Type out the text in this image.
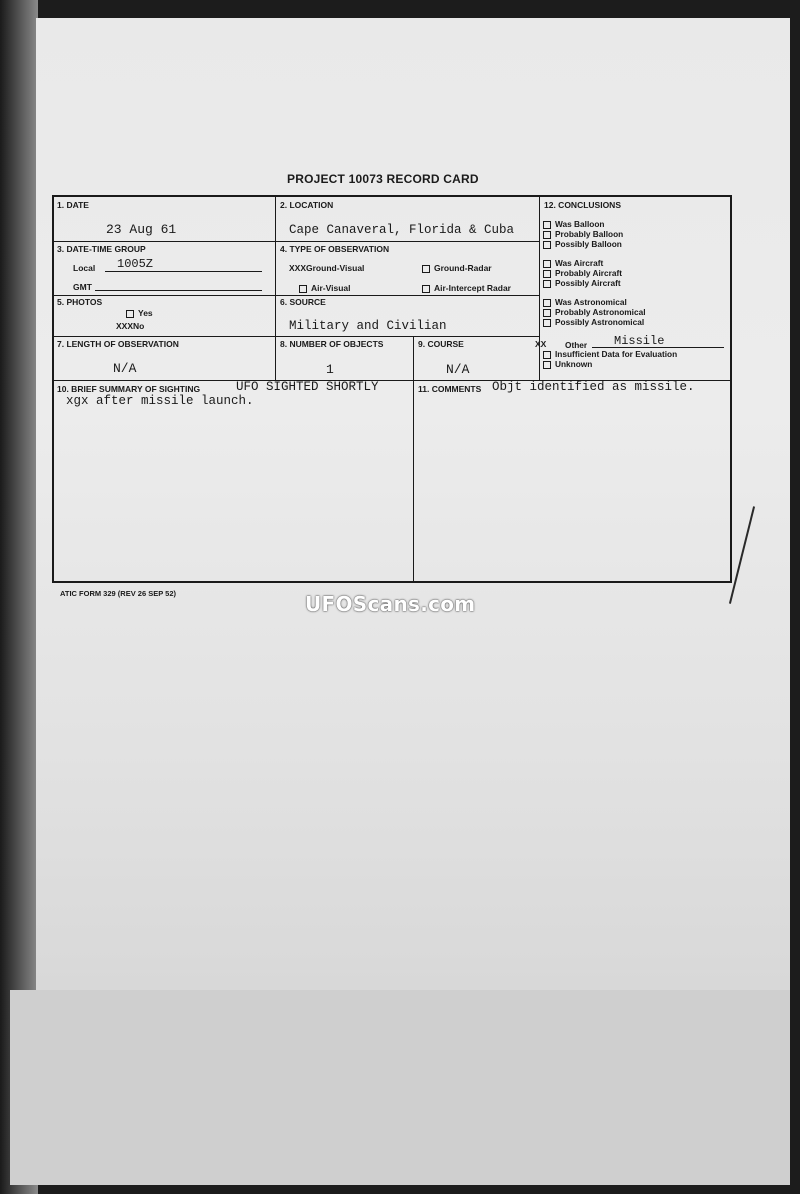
PROJECT 10073 RECORD CARD
1. DATE
23 Aug 61
2. LOCATION
Cape Canaveral, Florida & Cuba
3. DATE-TIME GROUP
Local 1005Z
GMT
4. TYPE OF OBSERVATION
XXXGround-Visual	Ground-Radar
Air-Visual	Air-Intercept Radar
5. PHOTOS
Yes
XXXNo
6. SOURCE
Military and Civilian
7. LENGTH OF OBSERVATION
N/A
8. NUMBER OF OBJECTS
1
9. COURSE
N/A
10. BRIEF SUMMARY OF SIGHTING	UFO SIGHTED SHORTLY
xgx after missile launch.
11. COMMENTS Objt identified as missile.
12. CONCLUSIONS
Was Balloon
Probably Balloon
Possibly Balloon
Was Aircraft
Probably Aircraft
Possibly Aircraft
Was Astronomical
Probably Astronomical
Possibly Astronomical
XX Other Missile
Insufficient Data for Evaluation
Unknown
ATIC FORM 329 (REV 26 SEP 52)	UFOScans.com
